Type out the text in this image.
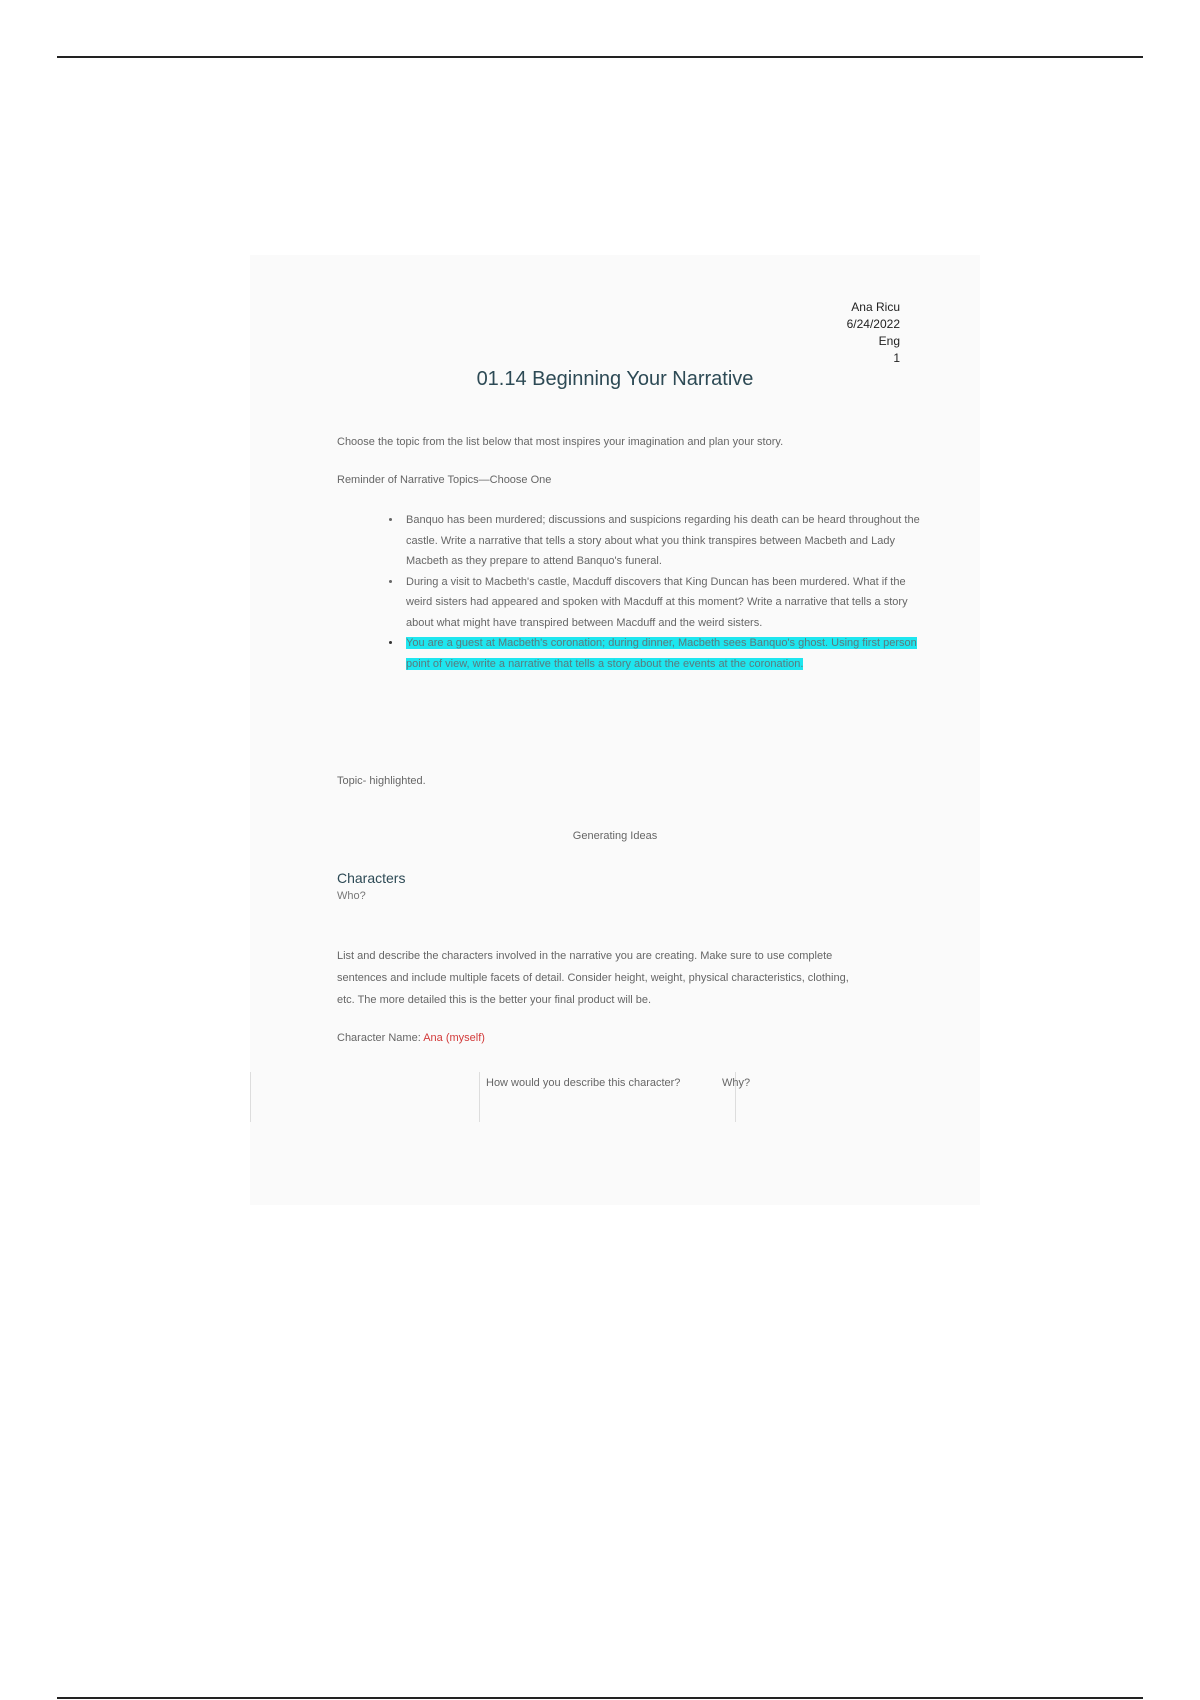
Ana Ricu
6/24/2022
Eng
1
01.14 Beginning Your Narrative
Choose the topic from the list below that most inspires your imagination and plan your story.
Reminder of Narrative Topics—Choose One
• Banquo has been murdered; discussions and suspicions regarding his death can be heard throughout the castle. Write a narrative that tells a story about what you think transpires between Macbeth and Lady Macbeth as they prepare to attend Banquo's funeral.
• During a visit to Macbeth's castle, Macduff discovers that King Duncan has been murdered. What if the weird sisters had appeared and spoken with Macduff at this moment? Write a narrative that tells a story about what might have transpired between Macduff and the weird sisters.
• You are a guest at Macbeth's coronation; during dinner, Macbeth sees Banquo's ghost. Using first person point of view, write a narrative that tells a story about the events at the coronation.
Topic- highlighted.
Generating Ideas
Characters
Who?
List and describe the characters involved in the narrative you are creating. Make sure to use complete sentences and include multiple facets of detail. Consider height, weight, physical characteristics, clothing, etc. The more detailed this is the better your final product will be.
Character Name: Ana (myself)
How would you describe this character?	Why?
